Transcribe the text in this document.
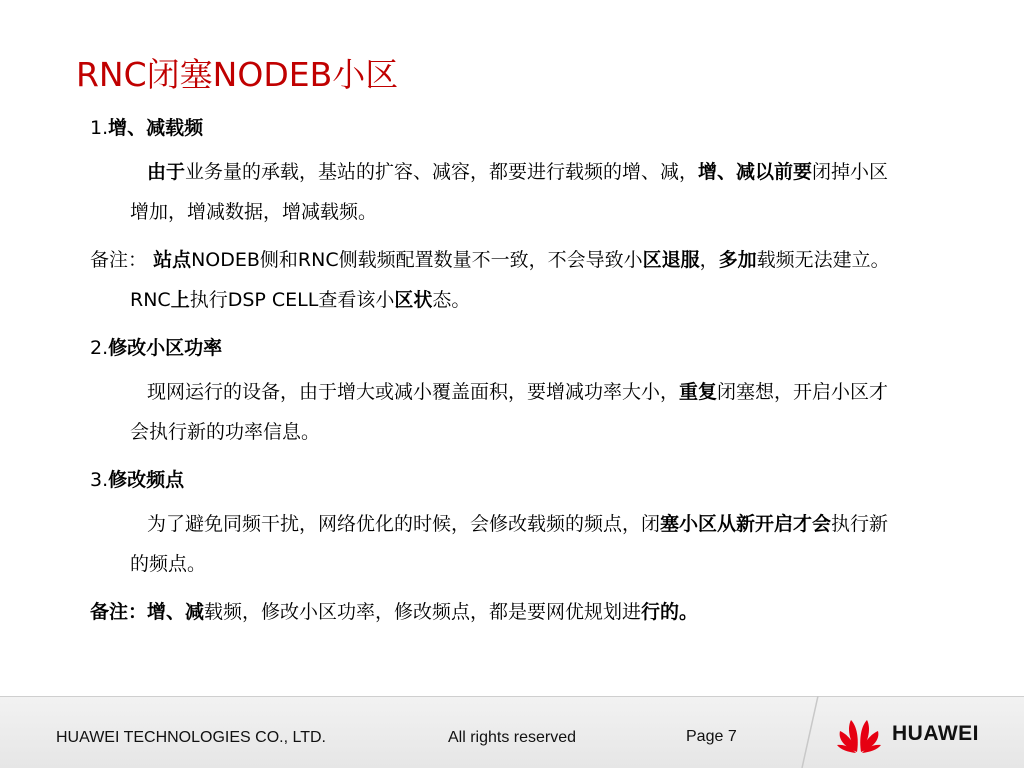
RNC闭塞NODEB小区

1.增、减载频

由于业务量的承载，基站的扩容、减容，都要进行载频的增、减，增、减以前要闭掉小区增加，增减数据，增减载频。

备注： 站点NODEB侧和RNC侧载频配置数量不一致，不会导致小区退服，多加载频无法建立。 RNC上执行DSP CELL查看该小区状态。

2.修改小区功率

现网运行的设备，由于增大或减小覆盖面积，要增减功率大小，重复闭塞想，开启小区才会执行新的功率信息。

3.修改频点

为了避免同频干扰，网络优化的时候，会修改载频的频点，闭塞小区从新开启才会执行新的频点。

备注：增、减载频，修改小区功率，修改频点，都是要网优规划进行的。

HUAWEI TECHNOLOGIES CO., LTD.	All rights reserved	Page 7	HUAWEI
